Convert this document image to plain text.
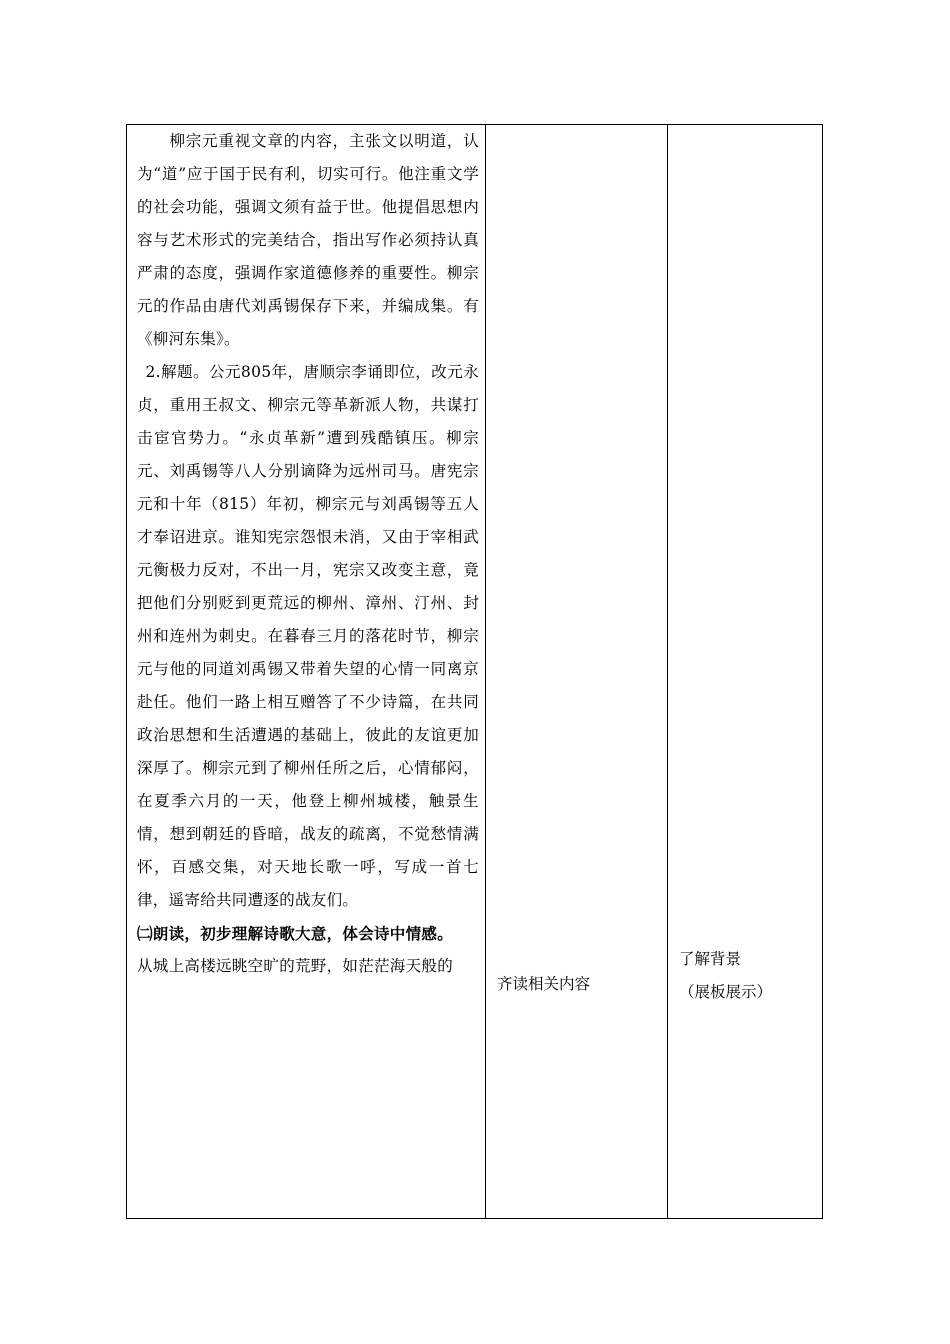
柳宗元重视文章的内容，主张文以明道，认为“道”应于国于民有利，切实可行。他注重文学的社会功能，强调文须有益于世。他提倡思想内容与艺术形式的完美结合，指出写作必须持认真严肃的态度，强调作家道德修养的重要性。柳宗元的作品由唐代刘禹锡保存下来，并编成集。有《柳河东集》。

2.解题。公元805年，唐顺宗李诵即位，改元永贞，重用王叔文、柳宗元等革新派人物，共谋打击宦官势力。“永贞革新”遭到残酷镇压。柳宗元、刘禹锡等八人分别谪降为远州司马。唐宪宗元和十年（815）年初，柳宗元与刘禹锡等五人才奉诏进京。谁知宪宗怨恨未消，又由于宰相武元衡极力反对，不出一月，宪宗又改变主意，竟把他们分别贬到更荒远的柳州、漳州、汀州、封州和连州为刺史。在暮春三月的落花时节，柳宗元与他的同道刘禹锡又带着失望的心情一同离京赴任。他们一路上相互赠答了不少诗篇，在共同政治思想和生活遭遇的基础上，彼此的友谊更加深厚了。柳宗元到了柳州任所之后，心情郁闷，在夏季六月的一天，他登上柳州城楼，触景生情，想到朝廷的昏暗，战友的疏离，不觉愁情满怀，百感交集，对天地长歌一呼，写成一首七律，遥寄给共同遭逐的战友们。

㈡朗读，初步理解诗歌大意，体会诗中情感。

从城上高楼远眺空旷的荒野，如茫茫海天般的

齐读相关内容
了解背景
（展板展示）
